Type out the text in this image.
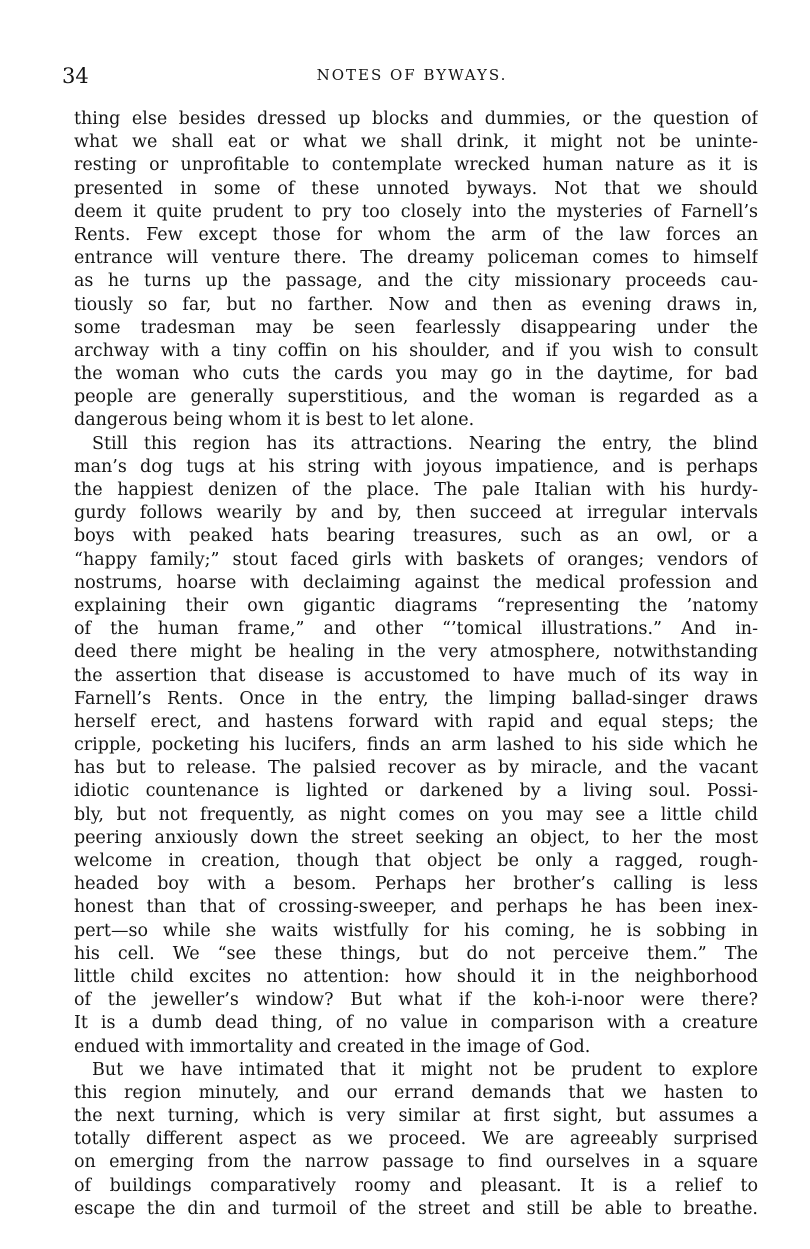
34	NOTES OF BYWAYS.
thing else besides dressed up blocks and dummies, or the question of
what we shall eat or what we shall drink, it might not be uninte-
resting or unprofitable to contemplate wrecked human nature as it is
presented in some of these unnoted byways. Not that we should
deem it quite prudent to pry too closely into the mysteries of Farnell’s
Rents. Few except those for whom the arm of the law forces an
entrance will venture there. The dreamy policeman comes to himself
as he turns up the passage, and the city missionary proceeds cau-
tiously so far, but no farther. Now and then as evening draws in,
some tradesman may be seen fearlessly disappearing under the
archway with a tiny coffin on his shoulder, and if you wish to consult
the woman who cuts the cards you may go in the daytime, for bad
people are generally superstitious, and the woman is regarded as a
dangerous being whom it is best to let alone.
Still this region has its attractions. Nearing the entry, the blind
man’s dog tugs at his string with joyous impatience, and is perhaps
the happiest denizen of the place. The pale Italian with his hurdy-
gurdy follows wearily by and by, then succeed at irregular intervals
boys with peaked hats bearing treasures, such as an owl, or a
“happy family;” stout faced girls with baskets of oranges; vendors of
nostrums, hoarse with declaiming against the medical profession and
explaining their own gigantic diagrams “representing the ’natomy
of the human frame,” and other “’tomical illustrations.” And in-
deed there might be healing in the very atmosphere, notwithstanding
the assertion that disease is accustomed to have much of its way in
Farnell’s Rents. Once in the entry, the limping ballad-singer draws
herself erect, and hastens forward with rapid and equal steps; the
cripple, pocketing his lucifers, finds an arm lashed to his side which he
has but to release. The palsied recover as by miracle, and the vacant
idiotic countenance is lighted or darkened by a living soul. Possi-
bly, but not frequently, as night comes on you may see a little child
peering anxiously down the street seeking an object, to her the most
welcome in creation, though that object be only a ragged, rough-
headed boy with a besom. Perhaps her brother’s calling is less
honest than that of crossing-sweeper, and perhaps he has been inex-
pert—so while she waits wistfully for his coming, he is sobbing in
his cell. We “see these things, but do not perceive them.” The
little child excites no attention: how should it in the neighborhood
of the jeweller’s window? But what if the koh-i-noor were there?
It is a dumb dead thing, of no value in comparison with a creature
endued with immortality and created in the image of God.
But we have intimated that it might not be prudent to explore
this region minutely, and our errand demands that we hasten to
the next turning, which is very similar at first sight, but assumes a
totally different aspect as we proceed. We are agreeably surprised
on emerging from the narrow passage to find ourselves in a square
of buildings comparatively roomy and pleasant. It is a relief to
escape the din and turmoil of the street and still be able to breathe.
